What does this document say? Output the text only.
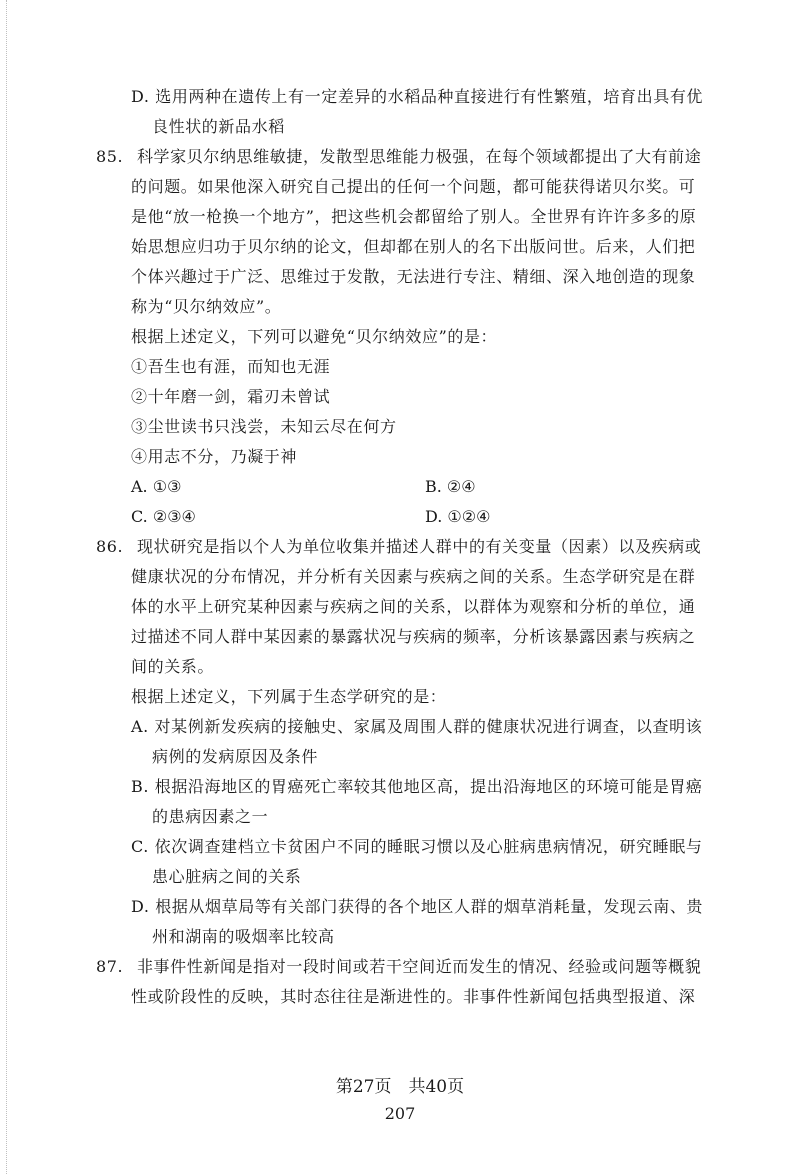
D. 选用两种在遗传上有一定差异的水稻品种直接进行有性繁殖，培育出具有优
良性状的新品水稻
85. 科学家贝尔纳思维敏捷，发散型思维能力极强，在每个领域都提出了大有前途
的问题。如果他深入研究自己提出的任何一个问题，都可能获得诺贝尔奖。可
是他“放一枪换一个地方”，把这些机会都留给了别人。全世界有许许多多的原
始思想应归功于贝尔纳的论文，但却都在别人的名下出版问世。后来，人们把
个体兴趣过于广泛、思维过于发散，无法进行专注、精细、深入地创造的现象
称为“贝尔纳效应”。
根据上述定义，下列可以避免“贝尔纳效应”的是：
①吾生也有涯，而知也无涯
②十年磨一剑，霜刃未曾试
③尘世读书只浅尝，未知云尽在何方
④用志不分，乃凝于神
A. ①③	B. ②④
C. ②③④	D. ①②④
86. 现状研究是指以个人为单位收集并描述人群中的有关变量（因素）以及疾病或
健康状况的分布情况，并分析有关因素与疾病之间的关系。生态学研究是在群
体的水平上研究某种因素与疾病之间的关系，以群体为观察和分析的单位，通
过描述不同人群中某因素的暴露状况与疾病的频率，分析该暴露因素与疾病之
间的关系。
根据上述定义，下列属于生态学研究的是：
A. 对某例新发疾病的接触史、家属及周围人群的健康状况进行调查，以查明该
病例的发病原因及条件
B. 根据沿海地区的胃癌死亡率较其他地区高，提出沿海地区的环境可能是胃癌
的患病因素之一
C. 依次调查建档立卡贫困户不同的睡眠习惯以及心脏病患病情况，研究睡眠与
患心脏病之间的关系
D. 根据从烟草局等有关部门获得的各个地区人群的烟草消耗量，发现云南、贵
州和湖南的吸烟率比较高
87. 非事件性新闻是指对一段时间或若干空间近而发生的情况、经验或问题等概貌
性或阶段性的反映，其时态往往是渐进性的。非事件性新闻包括典型报道、深
第27页　共40页
207
